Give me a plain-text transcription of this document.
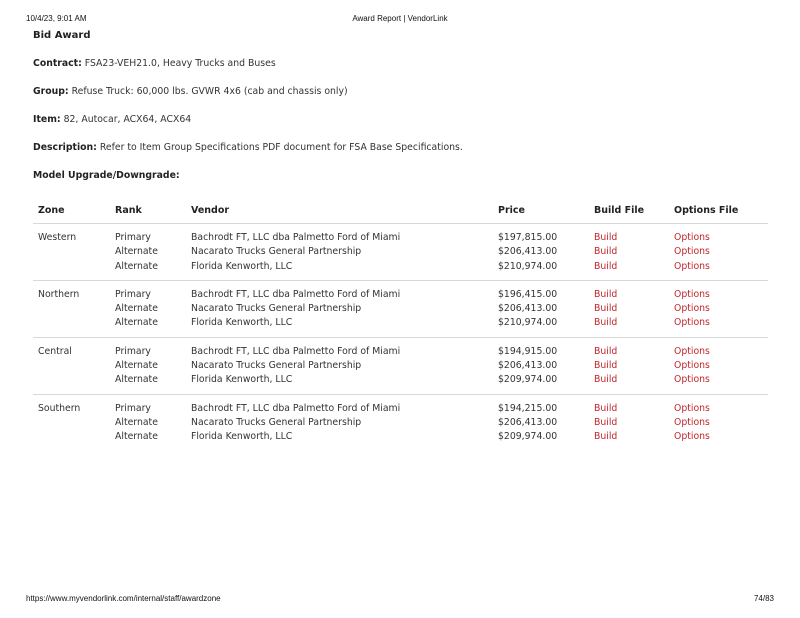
10/4/23, 9:01 AM	Award Report | VendorLink
Bid Award
Contract: FSA23-VEH21.0, Heavy Trucks and Buses
Group: Refuse Truck: 60,000 lbs. GVWR 4x6 (cab and chassis only)
Item: 82, Autocar, ACX64, ACX64
Description: Refer to Item Group Specifications PDF document for FSA Base Specifications.
Model Upgrade/Downgrade:
Zone	Rank	Vendor	Price	Build File	Options File
Western	Primary	Bachrodt FT, LLC dba Palmetto Ford of Miami	$197,815.00	Build	Options
	Alternate	Nacarato Trucks General Partnership	$206,413.00	Build	Options
	Alternate	Florida Kenworth, LLC	$210,974.00	Build	Options
Northern	Primary	Bachrodt FT, LLC dba Palmetto Ford of Miami	$196,415.00	Build	Options
	Alternate	Nacarato Trucks General Partnership	$206,413.00	Build	Options
	Alternate	Florida Kenworth, LLC	$210,974.00	Build	Options
Central	Primary	Bachrodt FT, LLC dba Palmetto Ford of Miami	$194,915.00	Build	Options
	Alternate	Nacarato Trucks General Partnership	$206,413.00	Build	Options
	Alternate	Florida Kenworth, LLC	$209,974.00	Build	Options
Southern	Primary	Bachrodt FT, LLC dba Palmetto Ford of Miami	$194,215.00	Build	Options
	Alternate	Nacarato Trucks General Partnership	$206,413.00	Build	Options
	Alternate	Florida Kenworth, LLC	$209,974.00	Build	Options
https://www.myvendorlink.com/internal/staff/awardzone	74/83
